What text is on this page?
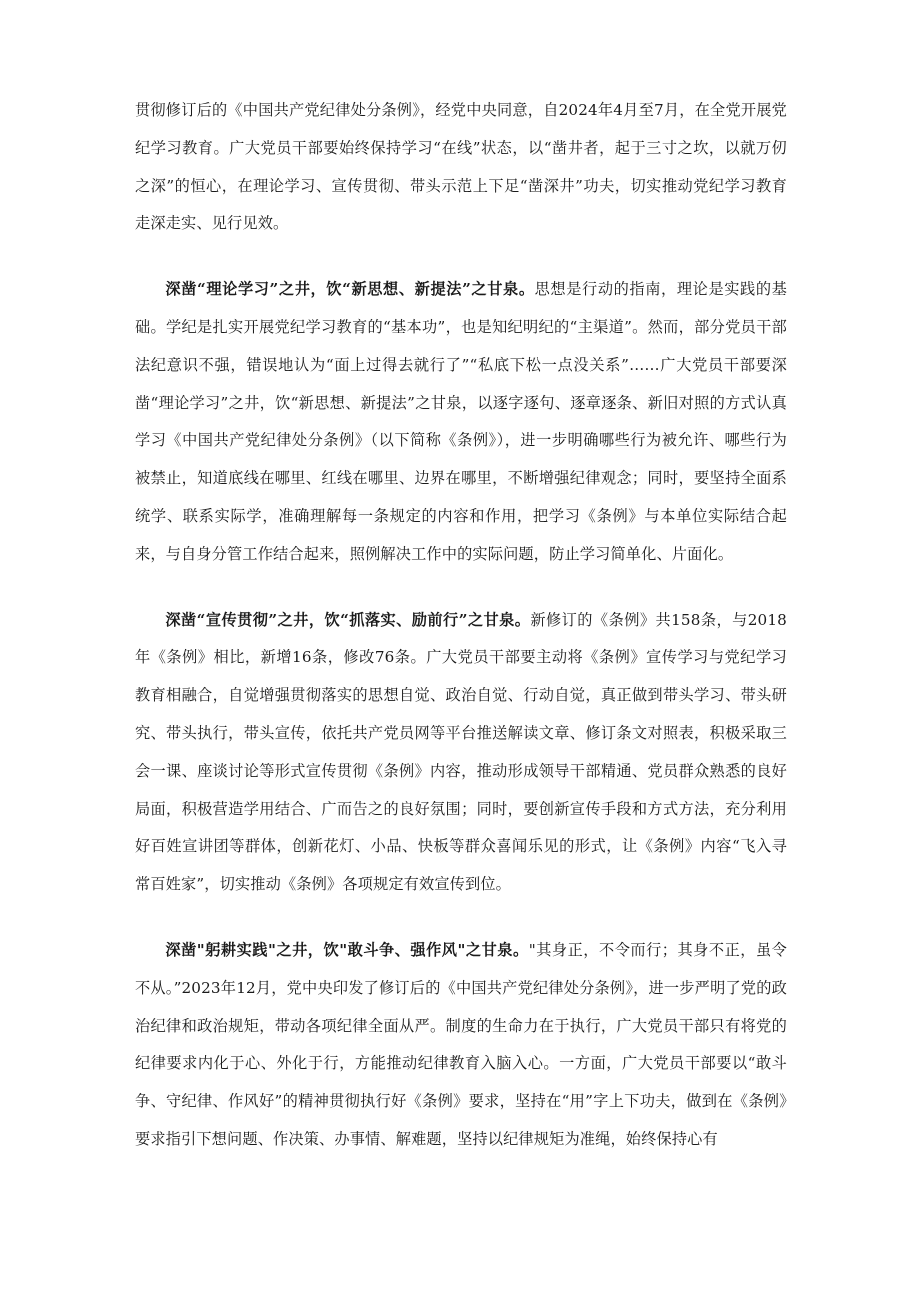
贯彻修订后的《中国共产党纪律处分条例》，经党中央同意，自2024年4月至7月，在全党开展党纪学习教育。广大党员干部要始终保持学习“在线”状态，以“凿井者，起于三寸之坎，以就万仞之深”的恒心，在理论学习、宣传贯彻、带头示范上下足“凿深井”功夫，切实推动党纪学习教育走深走实、见行见效。

深凿“理论学习”之井，饮“新思想、新提法”之甘泉。思想是行动的指南，理论是实践的基础。学纪是扎实开展党纪学习教育的“基本功”，也是知纪明纪的“主渠道”。然而，部分党员干部法纪意识不强，错误地认为“面上过得去就行了”“私底下松一点没关系”……广大党员干部要深凿“理论学习”之井，饮“新思想、新提法”之甘泉，以逐字逐句、逐章逐条、新旧对照的方式认真学习《中国共产党纪律处分条例》（以下简称《条例》），进一步明确哪些行为被允许、哪些行为被禁止，知道底线在哪里、红线在哪里、边界在哪里，不断增强纪律观念；同时，要坚持全面系统学、联系实际学，准确理解每一条规定的内容和作用，把学习《条例》与本单位实际结合起来，与自身分管工作结合起来，照例解决工作中的实际问题，防止学习简单化、片面化。

深凿“宣传贯彻”之井，饮“抓落实、励前行”之甘泉。新修订的《条例》共158条，与2018年《条例》相比，新增16条，修改76条。广大党员干部要主动将《条例》宣传学习与党纪学习教育相融合，自觉增强贯彻落实的思想自觉、政治自觉、行动自觉，真正做到带头学习、带头研究、带头执行，带头宣传，依托共产党员网等平台推送解读文章、修订条文对照表，积极采取三会一课、座谈讨论等形式宣传贯彻《条例》内容，推动形成领导干部精通、党员群众熟悉的良好局面，积极营造学用结合、广而告之的良好氛围；同时，要创新宣传手段和方式方法，充分利用好百姓宣讲团等群体，创新花灯、小品、快板等群众喜闻乐见的形式，让《条例》内容“飞入寻常百姓家”，切实推动《条例》各项规定有效宣传到位。

深凿"躬耕实践"之井，饮"敢斗争、强作风"之甘泉。"其身正，不令而行；其身不正，虽令不从。”2023年12月，党中央印发了修订后的《中国共产党纪律处分条例》，进一步严明了党的政治纪律和政治规矩，带动各项纪律全面从严。制度的生命力在于执行，广大党员干部只有将党的纪律要求内化于心、外化于行，方能推动纪律教育入脑入心。一方面，广大党员干部要以“敢斗争、守纪律、作风好”的精神贯彻执行好《条例》要求，坚持在“用”字上下功夫，做到在《条例》要求指引下想问题、作决策、办事情、解难题，坚持以纪律规矩为准绳，始终保持心有
